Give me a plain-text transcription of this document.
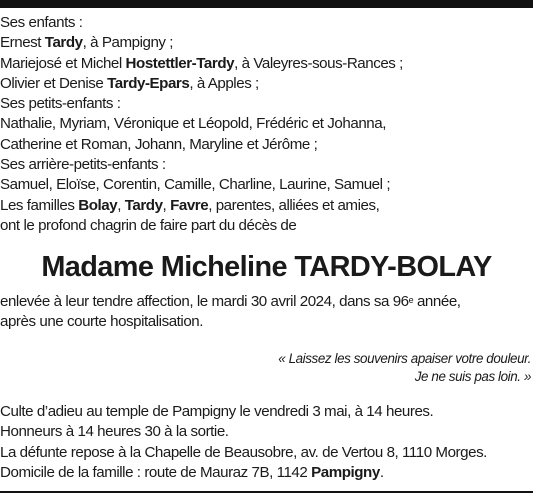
Ses enfants :
Ernest Tardy, à Pampigny ;
Mariejosé et Michel Hostettler-Tardy, à Valeyres-sous-Rances ;
Olivier et Denise Tardy-Epars, à Apples ;
Ses petits-enfants :
Nathalie, Myriam, Véronique et Léopold, Frédéric et Johanna,
Catherine et Roman, Johann, Maryline et Jérôme ;
Ses arrière-petits-enfants :
Samuel, Eloïse, Corentin, Camille, Charline, Laurine, Samuel ;
Les familles Bolay, Tardy, Favre, parentes, alliées et amies,
ont le profond chagrin de faire part du décès de
Madame Micheline TARDY-BOLAY
enlevée à leur tendre affection, le mardi 30 avril 2024, dans sa 96e année,
après une courte hospitalisation.
« Laissez les souvenirs apaiser votre douleur.
Je ne suis pas loin. »
Culte d’adieu au temple de Pampigny le vendredi 3 mai, à 14 heures.
Honneurs à 14 heures 30 à la sortie.
La défunte repose à la Chapelle de Beausobre, av. de Vertou 8, 1110 Morges.
Domicile de la famille : route de Mauraz 7B, 1142 Pampigny.
